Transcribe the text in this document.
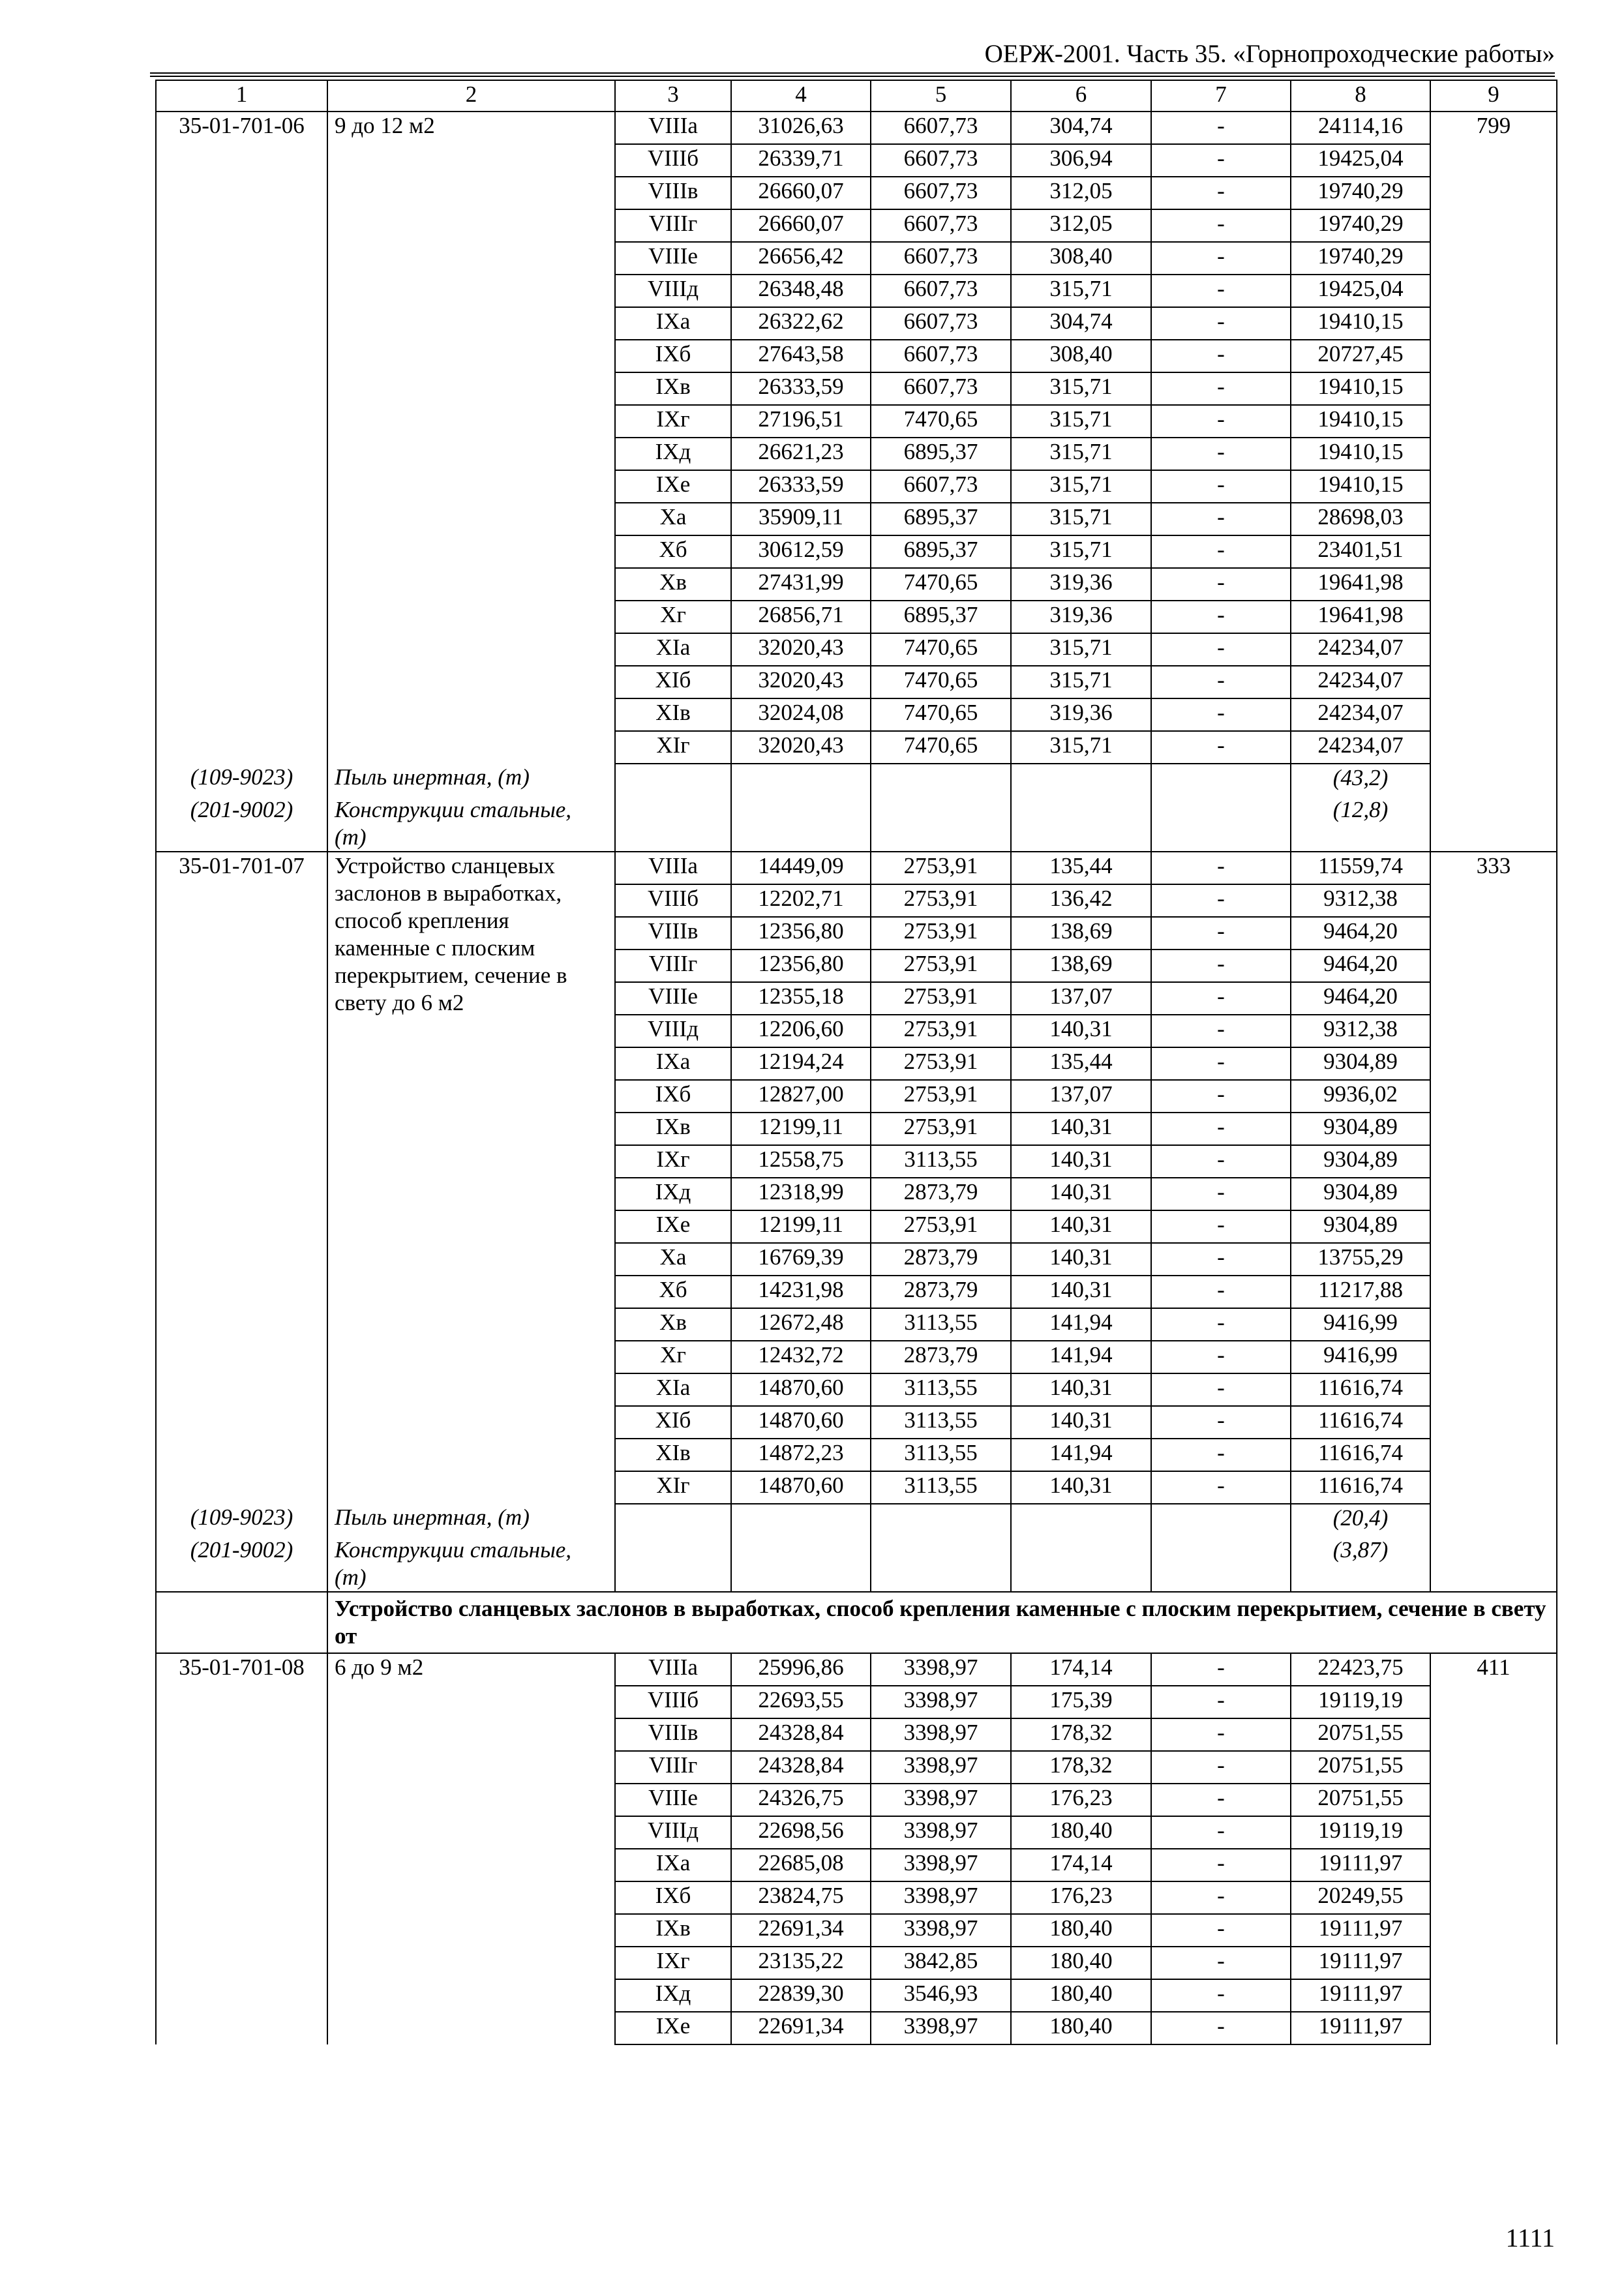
ОЕРЖ-2001. Часть 35. «Горнопроходческие работы»
1	2	3	4	5	6	7	8	9
35-01-701-06	9 до 12 м2	VIIIа	31026,63	6607,73	304,74	-	24114,16	799
		VIIIб	26339,71	6607,73	306,94	-	19425,04	
		VIIIв	26660,07	6607,73	312,05	-	19740,29	
		VIIIг	26660,07	6607,73	312,05	-	19740,29	
		VIIIе	26656,42	6607,73	308,40	-	19740,29	
		VIIIд	26348,48	6607,73	315,71	-	19425,04	
		IXа	26322,62	6607,73	304,74	-	19410,15	
		IXб	27643,58	6607,73	308,40	-	20727,45	
		IXв	26333,59	6607,73	315,71	-	19410,15	
		IXг	27196,51	7470,65	315,71	-	19410,15	
		IXд	26621,23	6895,37	315,71	-	19410,15	
		IXе	26333,59	6607,73	315,71	-	19410,15	
		Xа	35909,11	6895,37	315,71	-	28698,03	
		Xб	30612,59	6895,37	315,71	-	23401,51	
		Xв	27431,99	7470,65	319,36	-	19641,98	
		Xг	26856,71	6895,37	319,36	-	19641,98	
		XIа	32020,43	7470,65	315,71	-	24234,07	
		XIб	32020,43	7470,65	315,71	-	24234,07	
		XIв	32024,08	7470,65	319,36	-	24234,07	
		XIг	32020,43	7470,65	315,71	-	24234,07	
(109-9023)	Пыль инертная, (т)						(43,2)	
(201-9002)	Конструкции стальные, (т)						(12,8)	
35-01-701-07	Устройство сланцевых заслонов в выработках, способ крепления каменные с плоским перекрытием, сечение в свету до 6 м2	VIIIа	14449,09	2753,91	135,44	-	11559,74	333
		VIIIб	12202,71	2753,91	136,42	-	9312,38	
		VIIIв	12356,80	2753,91	138,69	-	9464,20	
		VIIIг	12356,80	2753,91	138,69	-	9464,20	
		VIIIе	12355,18	2753,91	137,07	-	9464,20	
		VIIIд	12206,60	2753,91	140,31	-	9312,38	
		IXа	12194,24	2753,91	135,44	-	9304,89	
		IXб	12827,00	2753,91	137,07	-	9936,02	
		IXв	12199,11	2753,91	140,31	-	9304,89	
		IXг	12558,75	3113,55	140,31	-	9304,89	
		IXд	12318,99	2873,79	140,31	-	9304,89	
		IXе	12199,11	2753,91	140,31	-	9304,89	
		Xа	16769,39	2873,79	140,31	-	13755,29	
		Xб	14231,98	2873,79	140,31	-	11217,88	
		Xв	12672,48	3113,55	141,94	-	9416,99	
		Xг	12432,72	2873,79	141,94	-	9416,99	
		XIа	14870,60	3113,55	140,31	-	11616,74	
		XIб	14870,60	3113,55	140,31	-	11616,74	
		XIв	14872,23	3113,55	141,94	-	11616,74	
		XIг	14870,60	3113,55	140,31	-	11616,74	
(109-9023)	Пыль инертная, (т)						(20,4)	
(201-9002)	Конструкции стальные, (т)						(3,87)	
	Устройство сланцевых заслонов в выработках, способ крепления каменные с плоским перекрытием, сечение в свету от							
35-01-701-08	6 до 9 м2	VIIIа	25996,86	3398,97	174,14	-	22423,75	411
		VIIIб	22693,55	3398,97	175,39	-	19119,19	
		VIIIв	24328,84	3398,97	178,32	-	20751,55	
		VIIIг	24328,84	3398,97	178,32	-	20751,55	
		VIIIе	24326,75	3398,97	176,23	-	20751,55	
		VIIIд	22698,56	3398,97	180,40	-	19119,19	
		IXа	22685,08	3398,97	174,14	-	19111,97	
		IXб	23824,75	3398,97	176,23	-	20249,55	
		IXв	22691,34	3398,97	180,40	-	19111,97	
		IXг	23135,22	3842,85	180,40	-	19111,97	
		IXд	22839,30	3546,93	180,40	-	19111,97	
		IXе	22691,34	3398,97	180,40	-	19111,97	
1111
